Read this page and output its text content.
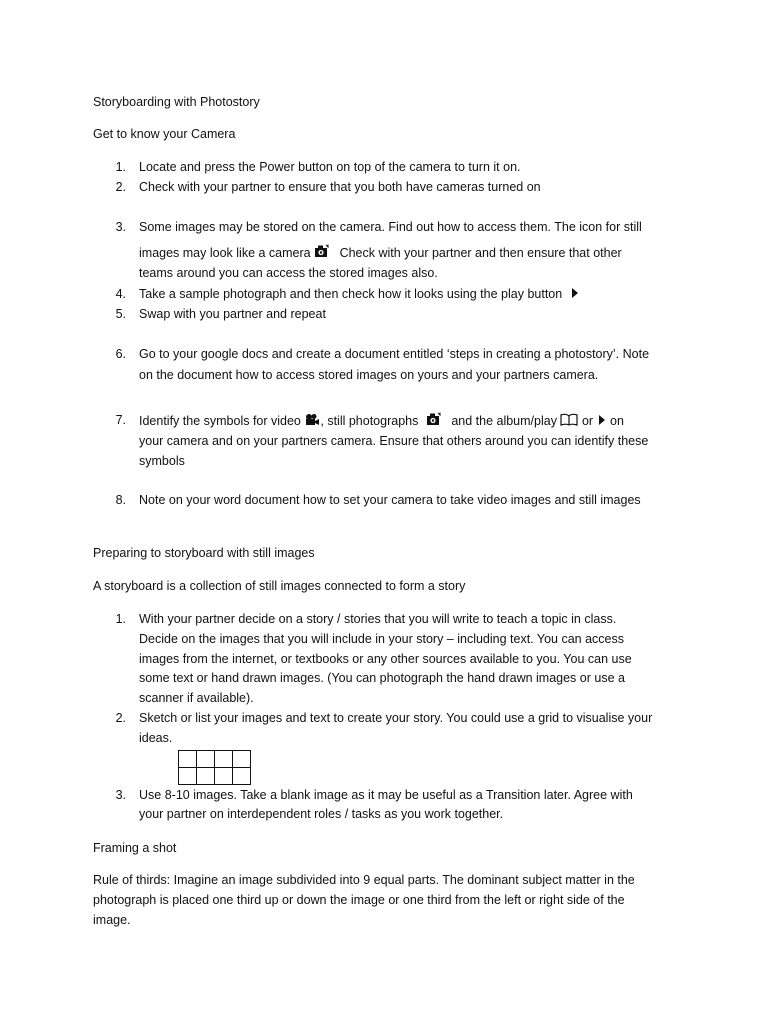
Storyboarding with Photostory
Get to know your Camera
1. Locate and press the Power button on top of the camera to turn it on.
2. Check with your partner to ensure that you both have cameras turned on
3. Some images may be stored on the camera. Find out how to access them. The icon for still
images may look like a camera Check with your partner and then ensure that other
teams around you can access the stored images also.
4. Take a sample photograph and then check how it looks using the play button
5. Swap with you partner and repeat
6. Go to your google docs and create a document entitled ‘steps in creating a photostory’. Note
on the document how to access stored images on yours and your partners camera.
7. Identify the symbols for video , still photographs	and the album/play or on
your camera and on your partners camera. Ensure that others around you can identify these
symbols
8. Note on your word document how to set your camera to take video images and still images
Preparing to storyboard with still images
A storyboard is a collection of still images connected to form a story
1. With your partner decide on a story / stories that you will write to teach a topic in class.
Decide on the images that you will include in your story – including text. You can access
images from the internet, or textbooks or any other sources available to you. You can use
some text or hand drawn images. (You can photograph the hand drawn images or use a
scanner if available).
2. Sketch or list your images and text to create your story. You could use a grid to visualise your
ideas.

3. Use 8-10 images. Take a blank image as it may be useful as a Transition later. Agree with
your partner on interdependent roles / tasks as you work together.
Framing a shot
Rule of thirds: Imagine an image subdivided into 9 equal parts. The dominant subject matter in the
photograph is placed one third up or down the image or one third from the left or right side of the
image.
